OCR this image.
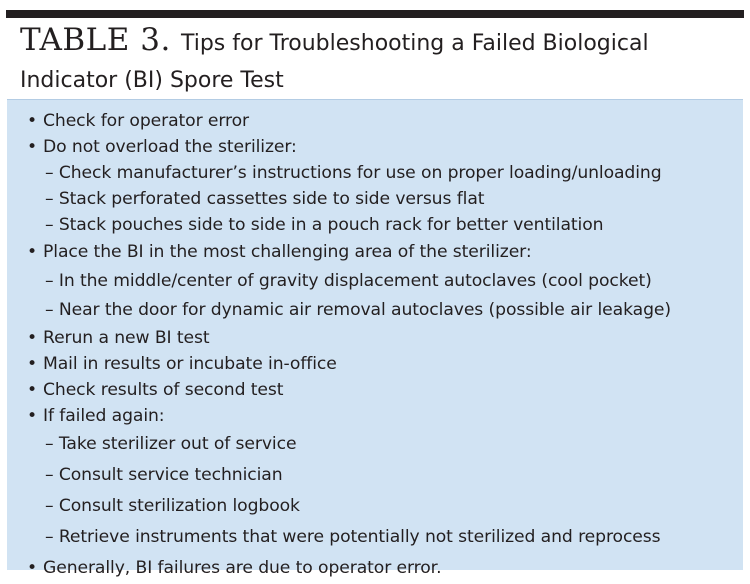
TABLE 3. Tips for Troubleshooting a Failed Biological Indicator (BI) Spore Test
• Check for operator error
• Do not overload the sterilizer:
– Check manufacturer’s instructions for use on proper loading/unloading
– Stack perforated cassettes side to side versus flat
– Stack pouches side to side in a pouch rack for better ventilation
• Place the BI in the most challenging area of the sterilizer:
– In the middle/center of gravity displacement autoclaves (cool pocket)
– Near the door for dynamic air removal autoclaves (possible air leakage)
• Rerun a new BI test
• Mail in results or incubate in-office
• Check results of second test
• If failed again:
– Take sterilizer out of service
– Consult service technician
– Consult sterilization logbook
– Retrieve instruments that were potentially not sterilized and reprocess
• Generally, BI failures are due to operator error.
